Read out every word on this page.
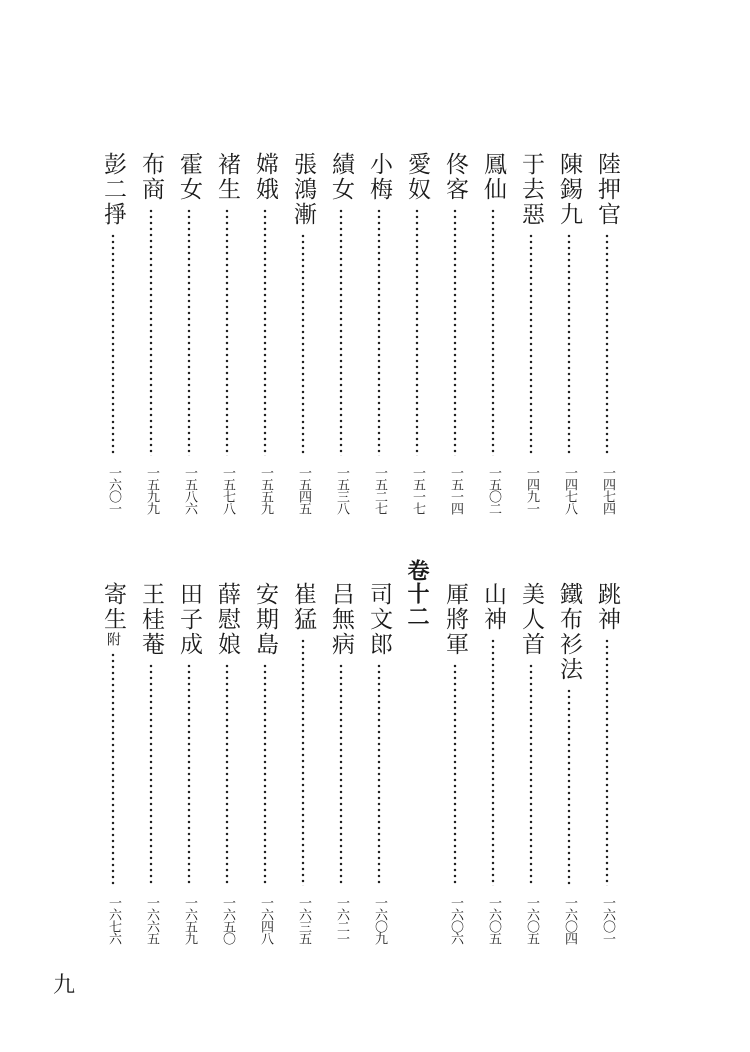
陸押官
一四七四
陳錫九
一四七八
于去惡
一四九一
鳳仙
一五〇二
佟客
一五一四
愛奴
一五一七
小梅
一五二七
績女
一五三八
張鴻漸
一五四五
嫦娥
一五五九
褚生
一五七八
霍女
一五八六
布商
一五九九
彭二掙
一六〇一
跳神
一六〇一
鐵布衫法
一六〇四
美人首
一六〇五
山神
一六〇五
厙將軍
一六〇六
卷十二
司文郎
一六〇九
吕無病
一六二一
崔猛
一六三五
安期島
一六四八
薛慰娘
一六五〇
田子成
一六五九
王桂菴
一六六五
寄生附
一六七六
九
